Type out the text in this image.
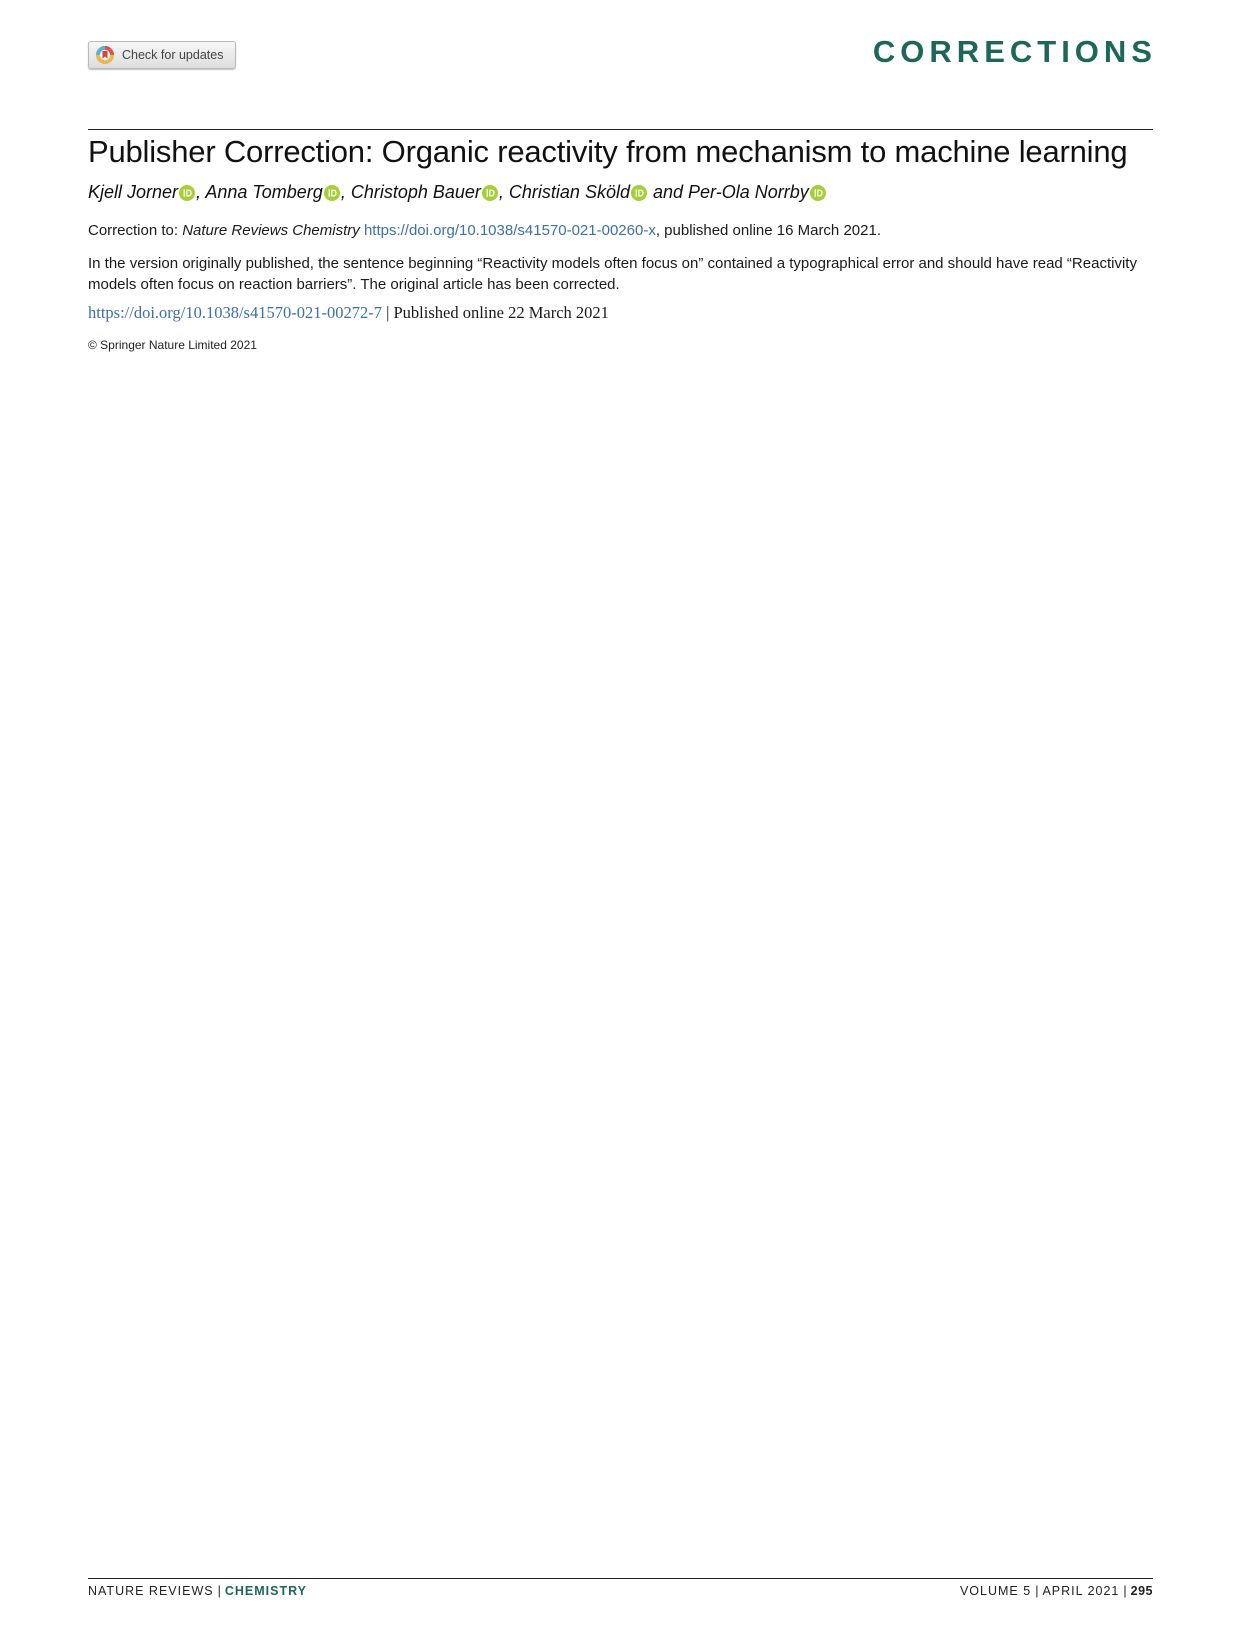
Check for updates	CORRECTIONS
Publisher Correction: Organic reactivity from mechanism to machine learning

Kjell Jorner , Anna Tomberg , Christoph Bauer , Christian Sköld and Per-Ola Norrby

Correction to: Nature Reviews Chemistry https://doi.org/10.1038/s41570-021-00260-x, published online 16 March 2021.

In the version originally published, the sentence beginning “Reactivity models often focus on” contained a typographical error and should have read “Reactivity models often focus on reaction barriers”. The original article has been corrected.

https://doi.org/10.1038/s41570-021-00272-7 | Published online 22 March 2021

© Springer Nature Limited 2021

NATURE REVIEWS | CHEMISTRY	VOLUME 5 | APRIL 2021 | 295
